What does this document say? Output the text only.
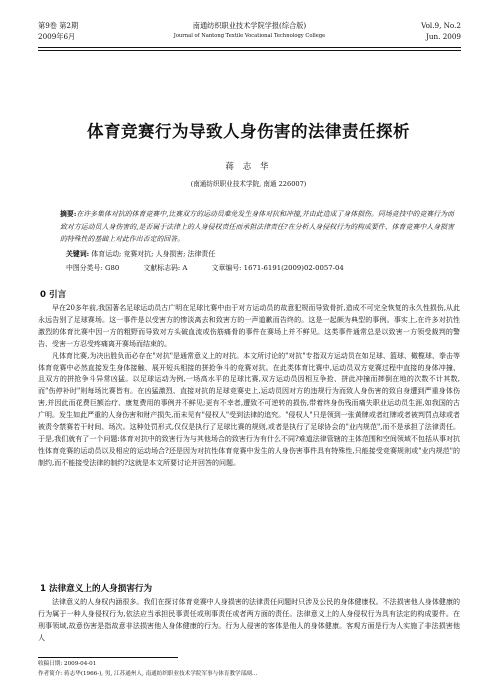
第9卷 第2期
2009年6月
南通纺织职业技术学院学报(综合版)
Journal of Nantong Textile Vocational Technology College
Vol.9, No.2
Jun. 2009
体育竞赛行为导致人身伤害的法律责任探析
蒋 志 华
(南通纺织职业技术学院, 南通 226007)
摘要:在许多集体对抗的体育竞赛中,比赛双方的运动员难免发生身体对抗和冲撞,并由此造成了身体损伤。同场竞技中的竞赛行为而致对方运动员人身伤害的,是否属于法律上的人身侵权责任而承担法律责任?在分析人身侵权行为的构成要件、体育竞赛中人身损害的特殊性的基础上对此作出否定的回答。
关键词: 体育运动; 竞赛对抗; 人身损害; 法律责任
中图分类号: G80	文献标志码: A	文章编号: 1671-6191(2009)02-0057-04
0 引言

早在20多年前,我国著名足球运动员古广明在足球比赛中由于对方运动员的故意犯规而导致骨折,造成不可完全恢复的永久性损伤,从此永远告别了足球赛场。这一事件是以受害方的惨淡离去和致害方的一声道歉而告终的。这是一起颇为典型的事例。事实上,在许多对抗性激烈的体育比赛中因一方的粗野而导致对方头破血流或伤筋痛骨的事件在赛场上并不鲜见。这类事件通常总是以致害一方领受裁判的警告、受害一方忍受疼痛离开赛场而结束的。

凡体育比赛,为决出胜负而必存在"对抗"是通常意义上的对抗。本文所讨论的"对抗"专指双方运动员在如足球、篮球、橄榄球、拳击等体育竞赛中必然直接发生身体接触、展开短兵相接的拼抢争斗的竞赛对抗。在此类体育比赛中,运动员双方竞赛过程中直接的身体冲撞、且双方的拼抢争斗异常凶猛。以足球运动为例,一场高水平的足球比赛,双方运动员因相互争抢、拼此冲撞而摔倒在地的次数不计其数,而"伤停补时"则每场比赛皆有。在凶猛激烈、直接对抗的足球竞赛史上,运动员因对方的违规行为而致人身伤害的致自身遭到严重身体伤害,并因此而花费巨额治疗、康复费用的事例并不鲜见;更有不幸者,遭致不可逆转的损伤,带着终身伤残而痛失职业运动员生涯,如我国的古广明。发生如此严重的人身伤害和财产损失,而未见有"侵权人"受到法律的追究。"侵权人"只是领到一张黄牌或者红牌或者被判罚点球或者被责令禁赛若干时间、场次。这种处罚形式,仅仅是执行了足球比赛的规则,或者是执行了足球协会的"业内规范",而不是承担了法律责任。于是,我们就有了一个问题:体育对抗中的致害行为与其他场合的致害行为有什么不同?难道法律管辖的主体范围和空间领域不包括从事对抗性体育竞赛的运动员以及相应的运动场合?还是因为对抗性体育竞赛中发生的人身伤害事件具有特殊性,只能接受竞赛规则或"业内规范"的制约,而不能接受法律的制约?这就是本文所要讨论并回答的问题。

1 法律意义上的人身损害行为

法律意义的人身权内涵很多。我们在探讨体育竞赛中人身损害的法律责任问题时只涉及公民的身体健康权。不法损害他人身体健康的行为属于一种人身侵权行为,依法应当承担民事责任或刑事责任或者两方面的责任。法律意义上的人身侵权行为具有法定的构成要件。在刑事领域,故意伤害是指故意非法损害他人身体健康的行为。行为人侵害的客体是他人的身体健康。客观方面是行为人实施了非法损害他人

收稿日期: 2009-04-01
作者简介: 蒋志华(1966-), 男, 江苏通州人, 南通纺织职业技术学院军事与体育教学部副…
